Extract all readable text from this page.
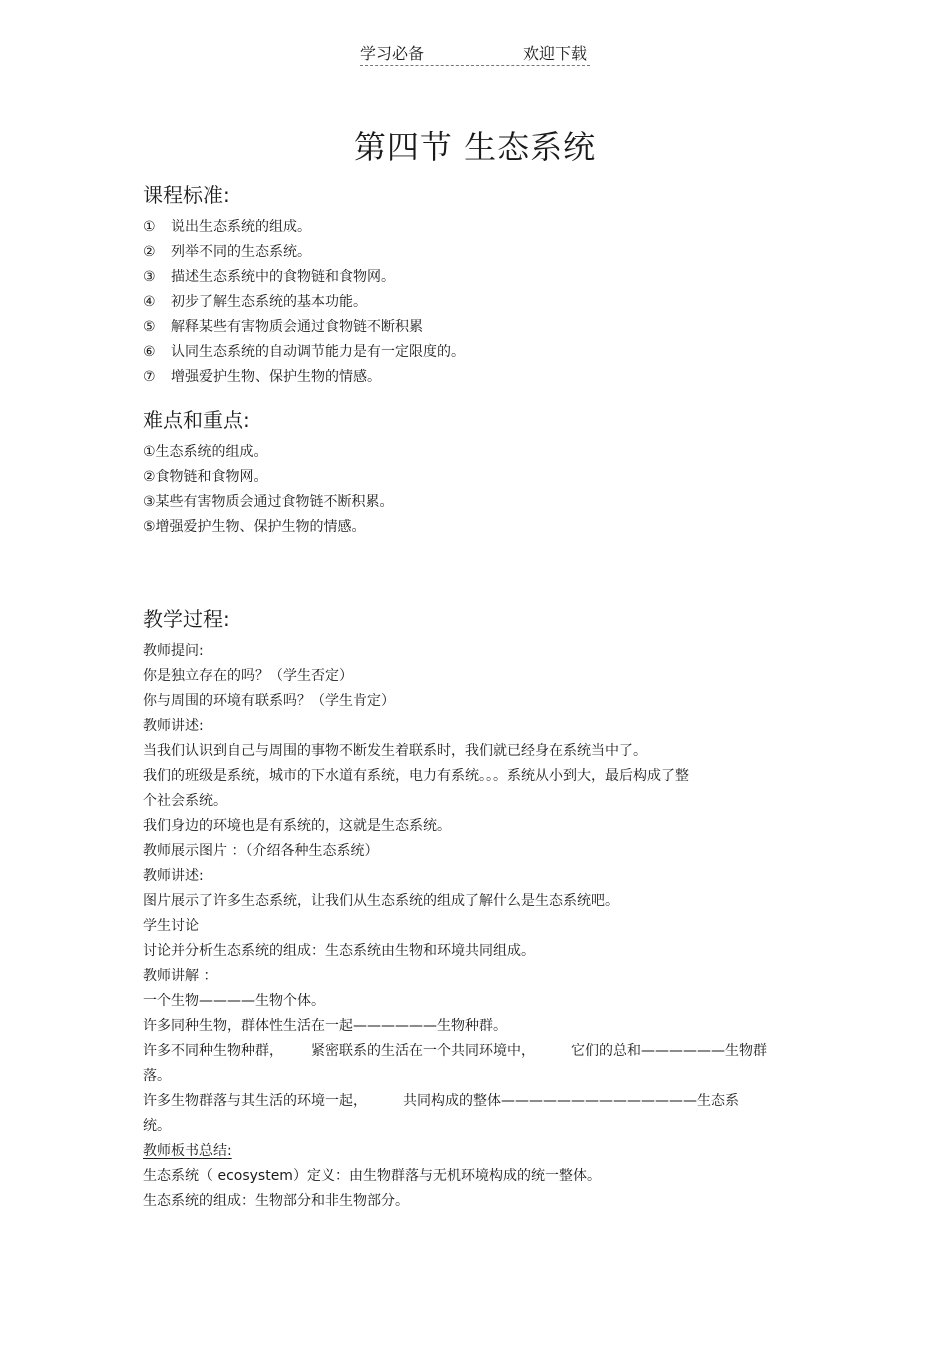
学习必备	欢迎下载
第四节 生态系统
课程标准:
① 说出生态系统的组成。
② 列举不同的生态系统。
③ 描述生态系统中的食物链和食物网。
④ 初步了解生态系统的基本功能。
⑤ 解释某些有害物质会通过食物链不断积累
⑥ 认同生态系统的自动调节能力是有一定限度的。
⑦ 增强爱护生物、保护生物的情感。
难点和重点:
①生态系统的组成。
②食物链和食物网。
③某些有害物质会通过食物链不断积累。
⑤增强爱护生物、保护生物的情感。
教学过程:
教师提问:
你是独立存在的吗？（学生否定）
你与周围的环境有联系吗？（学生肯定）
教师讲述:
当我们认识到自己与周围的事物不断发生着联系时，我们就已经身在系统当中了。
我们的班级是系统，城市的下水道有系统，电力有系统。。。系统从小到大，最后构成了整
个社会系统。
我们身边的环境也是有系统的，这就是生态系统。
教师展示图片 ：（介绍各种生态系统）
教师讲述:
图片展示了许多生态系统，让我们从生态系统的组成了解什么是生态系统吧。
学生讨论
讨论并分析生态系统的组成：生态系统由生物和环境共同组成。
教师讲解 ：
一个生物————生物个体。
许多同种生物，群体性生活在一起——————生物种群。
许多不同种生物种群， 紧密联系的生活在一个共同环境中，	它们的总和——————生物群
落。
许多生物群落与其生活的环境一起，	共同构成的整体——————————————生态系
统。
教师板书总结:
生态系统（ ecosystem）定义：由生物群落与无机环境构成的统一整体。
生态系统的组成：生物部分和非生物部分。
